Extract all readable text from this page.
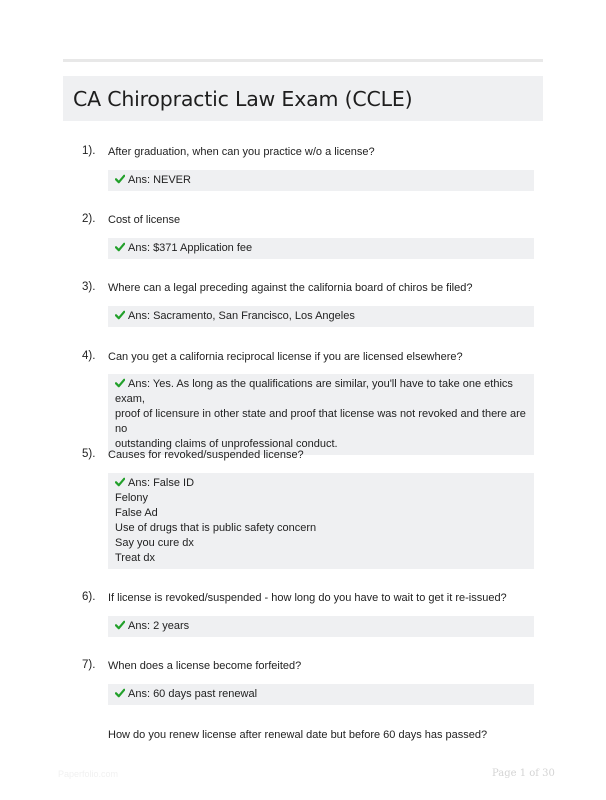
CA Chiropractic Law Exam (CCLE)
1). After graduation, when can you practice w/o a license?
Ans: NEVER
2). Cost of license
Ans: $371 Application fee
3). Where can a legal preceding against the california board of chiros be filed?
Ans: Sacramento, San Francisco, Los Angeles
4). Can you get a california reciprocal license if you are licensed elsewhere?
Ans: Yes. As long as the qualifications are similar, you'll have to take one ethics exam,
proof of licensure in other state and proof that license was not revoked and there are no
outstanding claims of unprofessional conduct.
5). Causes for revoked/suspended license?
Ans: False ID
Felony
False Ad
Use of drugs that is public safety concern
Say you cure dx
Treat dx
6). If license is revoked/suspended - how long do you have to wait to get it re-issued?
Ans: 2 years
7). When does a license become forfeited?
Ans: 60 days past renewal
How do you renew license after renewal date but before 60 days has passed?
Paperfolio.com	Page 1 of 30
